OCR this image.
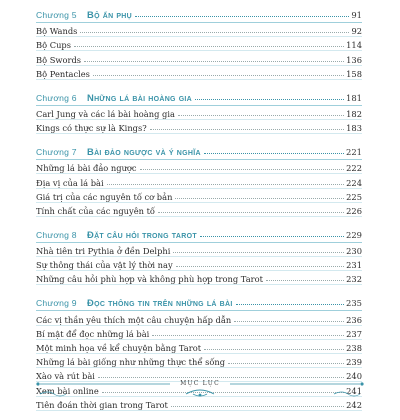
Chương 5	Bộ ấn phụ	91
Bộ Wands	92
Bộ Cups	114
Bộ Swords	136
Bộ Pentacles	158
Chương 6	Những lá bài hoàng gia	181
Carl Jung và các lá bài hoàng gia	182
Kings có thực sự là Kings?	183
Chương 7	Bài đảo ngược và ý nghĩa	221
Những lá bài đảo ngược	222
Địa vị của lá bài	224
Giá trị của các nguyên tố cơ bản	225
Tính chất của các nguyên tố	226
Chương 8	Đặt câu hỏi trong tarot	229
Nhà tiên tri Pythia ở đền Delphi	230
Sự thông thái của vật lý thời nay	231
Những câu hỏi phù hợp và không phù hợp trong Tarot	232
Chương 9	Đọc thông tin trên những lá bài	235
Các vị thần yêu thích một câu chuyện hấp dẫn	236
Bí mật để đọc những lá bài	237
Một minh họa về kể chuyện bằng Tarot	238
Những lá bài giống như những thực thể sống	239
Xào và rút bài	240
Xem bài online	241
Tiên đoán thời gian trong Tarot	242
MỤC LỤC
